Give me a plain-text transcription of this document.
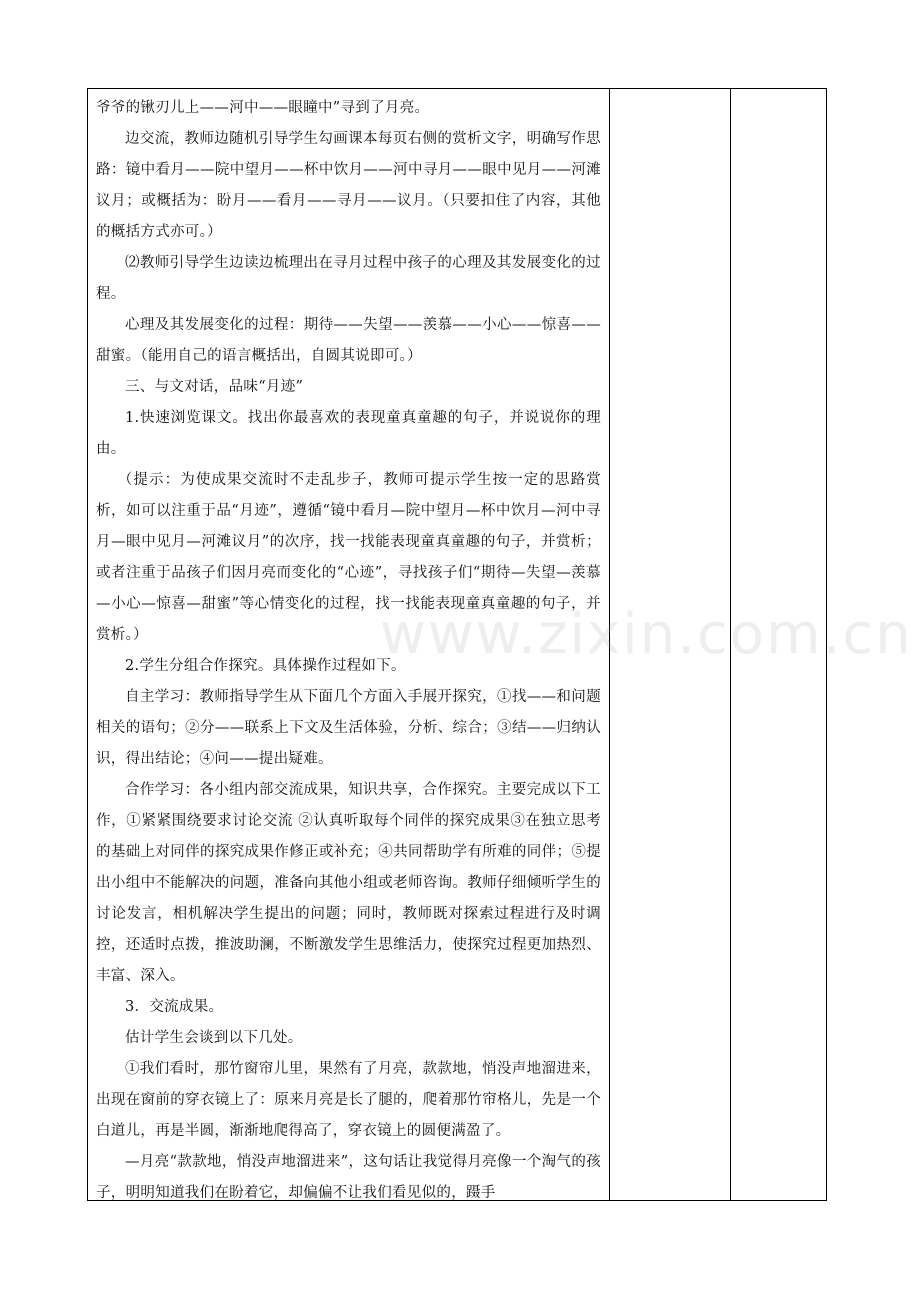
爷爷的锹刃儿上——河中——眼瞳中”寻到了月亮。

边交流，教师边随机引导学生勾画课本每页右侧的赏析文字，明确写作思路：镜中看月——院中望月——杯中饮月——河中寻月——眼中见月——河滩议月；或概括为：盼月——看月——寻月——议月。（只要扣住了内容，其他的概括方式亦可。）

⑵教师引导学生边读边梳理出在寻月过程中孩子的心理及其发展变化的过程。

心理及其发展变化的过程：期待——失望——羡慕——小心——惊喜——甜蜜。（能用自己的语言概括出，自圆其说即可。）

三、与文对话，品味“月迹”

1.快速浏览课文。找出你最喜欢的表现童真童趣的句子，并说说你的理由。

（提示：为使成果交流时不走乱步子，教师可提示学生按一定的思路赏析，如可以注重于品“月迹”，遵循“镜中看月—院中望月—杯中饮月—河中寻月—眼中见月—河滩议月”的次序，找一找能表现童真童趣的句子，并赏析；或者注重于品孩子们因月亮而变化的“心迹”，寻找孩子们“期待—失望—羡慕—小心—惊喜—甜蜜”等心情变化的过程，找一找能表现童真童趣的句子，并赏析。）

2.学生分组合作探究。具体操作过程如下。

自主学习：教师指导学生从下面几个方面入手展开探究，①找——和问题相关的语句；②分——联系上下文及生活体验，分析、综合；③结——归纳认识，得出结论；④问——提出疑难。

合作学习：各小组内部交流成果，知识共享，合作探究。主要完成以下工作，①紧紧围绕要求讨论交流 ②认真听取每个同伴的探究成果③在独立思考的基础上对同伴的探究成果作修正或补充；④共同帮助学有所难的同伴；⑤提出小组中不能解决的问题，准备向其他小组或老师咨询。教师仔细倾听学生的讨论发言，相机解决学生提出的问题；同时，教师既对探索过程进行及时调控，还适时点拨，推波助澜，不断激发学生思维活力，使探究过程更加热烈、丰富、深入。

3．交流成果。

估计学生会谈到以下几处。

①我们看时，那竹窗帘儿里，果然有了月亮，款款地，悄没声地溜进来，出现在窗前的穿衣镜上了：原来月亮是长了腿的，爬着那竹帘格儿，先是一个白道儿，再是半圆，渐渐地爬得高了，穿衣镜上的圆便满盈了。

—月亮“款款地，悄没声地溜进来”，这句话让我觉得月亮像一个淘气的孩子，明明知道我们在盼着它，却偏偏不让我们看见似的，蹑手

www.zixin.com.cn
